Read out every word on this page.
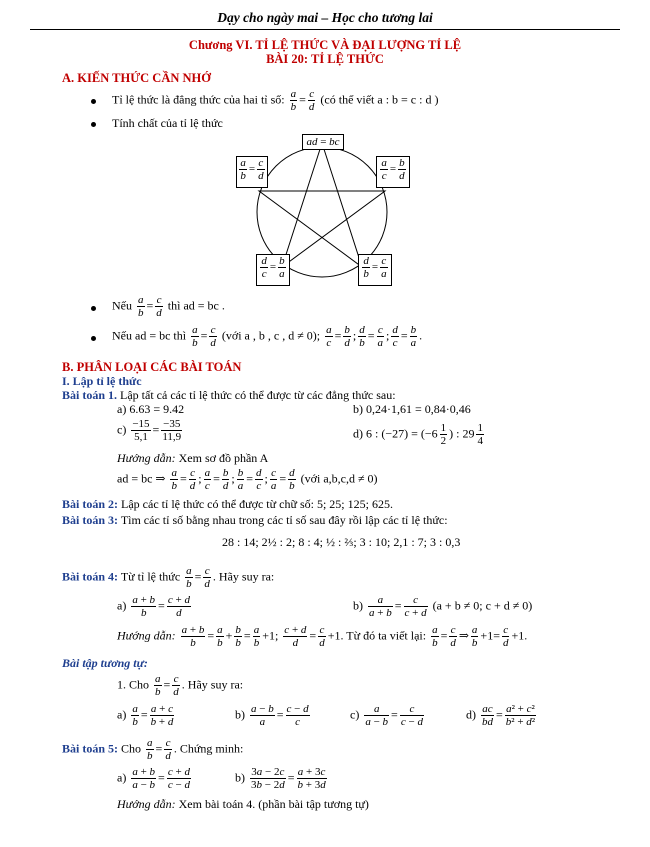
Dạy cho ngày mai – Học cho tương lai
Chương VI. TỈ LỆ THỨC VÀ ĐẠI LƯỢNG TỈ LỆ
BÀI 20: TỈ LỆ THỨC
A. KIẾN THỨC CẦN NHỚ
Tỉ lệ thức là đẳng thức của hai tỉ số: $\frac{a}{b} = \frac{c}{d}$ (có thể viết a : b = c : d )
Tính chất của tỉ lệ thức
ad = bc
$\frac{a}{b} = \frac{c}{d}$	$\frac{a}{c} = \frac{b}{d}$
$\frac{d}{c} = \frac{b}{a}$	$\frac{d}{b} = \frac{c}{a}$
Nếu $\frac{a}{b} = \frac{c}{d}$ thì ad = bc .
Nếu ad = bc thì $\frac{a}{b} = \frac{c}{d}$ (với a , b , c , d ≠ 0); $\frac{a}{c} = \frac{b}{d}$ ; $\frac{d}{b} = \frac{c}{a}$ ; $\frac{d}{c} = \frac{b}{a}$ .
B. PHÂN LOẠI CÁC BÀI TOÁN
I. Lập tỉ lệ thức
Bài toán 1. Lập tất cả các tỉ lệ thức có thể được từ các đẳng thức sau:
a) 6.63 = 9.42	b) 0,24·1,61 = 0,84·0,46
$c) \frac{-15}{5,1} = \frac{-35}{11,9}$	d) 6 : $(-27) = (-6 \frac{1}{2}$ ) : $29 \frac{1}{4}$
Hướng dẫn: Xem sơ đồ phần A
ad = bc ⇒ $\frac{a}{b} = \frac{c}{d}$ ; $\frac{a}{c} = \frac{b}{d}$ ; $\frac{b}{a} = \frac{d}{c}$ ; $\frac{c}{a} = \frac{d}{b}$ (với a,b,c,d ≠ 0)
Bài toán 2: Lập các tỉ lệ thức có thể được từ chữ số: 5; 25; 125; 625.
Bài toán 3: Tìm các tỉ số bằng nhau trong các tỉ số sau đây rồi lập các tỉ lệ thức:
28 : 14; 2½ : 2; 8 : 4; ½ : ⅔; 3 : 10; 2,1 : 7; 3 : 0,3
Bài toán 4: Từ tỉ lệ thức $\frac{a}{b} = \frac{c}{d}$ . Hãy suy ra:
$a) \frac{a + b}{b} = \frac{c + d}{d}$	$b) \frac{a}{a + b} = \frac{c}{c + d} (a + b \ne 0$; c + d ≠ 0)
Hướng dẫn: $\frac{a + b}{b} = \frac{a}{b} + \frac{b}{b} = \frac{a}{b} +1$; $\frac{c + d}{d} = \frac{c}{d} +1$. Từ đó ta viết lại: $\frac{a}{b} = \frac{c}{d}$ ⇒ $\frac{a}{b} +1= \frac{c}{d} +1$.
Bài tập tương tự:
1. Cho $\frac{a}{b} = \frac{c}{d}$ . Hãy suy ra:
$a) \frac{a}{b} = \frac{a + c}{b + d}$	$b) \frac{a - b}{a} = \frac{c - d}{c}$	$c) \frac{a}{a - b} = \frac{c}{c - d}$	$d) \frac{ac}{bd} = \frac{\text{a² + c²}}{\text{b² + d²}}$
Bài toán 5: Cho $\frac{a}{b} = \frac{c}{d}$ . Chứng minh:
$a) \frac{a + b}{a - b} = \frac{c + d}{c - d}$	$b) \frac{3a - 2c}{3b - 2d} = \frac{a + 3c}{b + 3d}$
Hướng dẫn: Xem bài toán 4. (phần bài tập tương tự)
